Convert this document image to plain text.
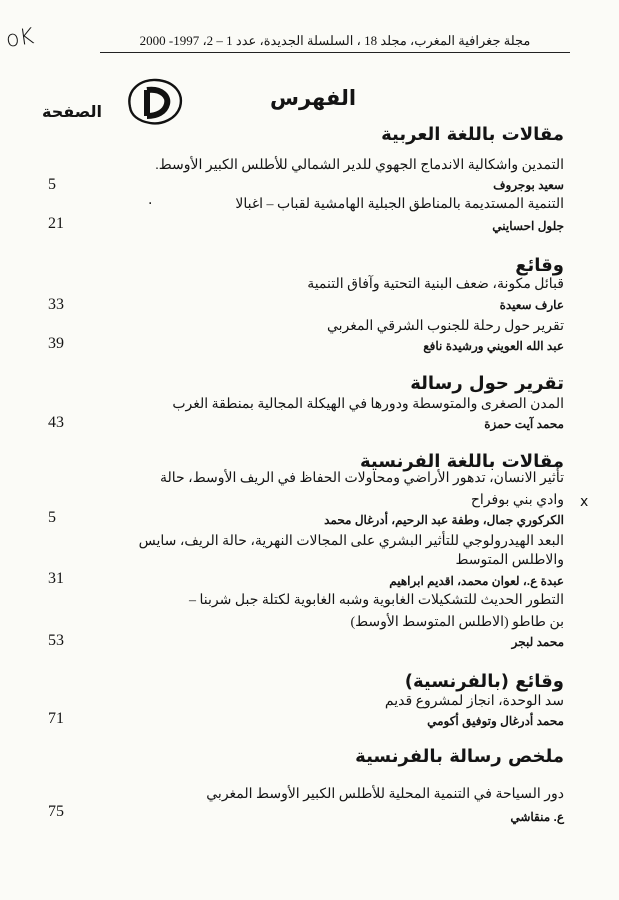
oK	مجلة جغرافية المغرب، مجلد 18 ، السلسلة الجديدة، عدد 1 – 2، 1997- 2000
الصفحة
الفهرس
مقالات باللغة العربية
التمدين واشكالية الاندماج الجهوي للدير الشمالي للأطلس الكبير الأوسط.
سعيد بوجروف
5
·	التنمية المستديمة بالمناطق الجبلية الهامشية لقباب – اغبالا
جلول احسايني
21
وقائع
قبائل مكونة، ضعف البنية التحتية وآفاق التنمية
عارف سعيدة
33
تقرير حول رحلة للجنوب الشرقي المغربي
عبد الله العويني ورشيدة نافع
39
تقرير حول رسالة
المدن الصغرى والمتوسطة ودورها في الهيكلة المجالية بمنطقة الغرب
محمد آيت حمزة
43
مقالات باللغة الفرنسية
تأثير الانسان، تدهور الأراضي ومحاولات الحفاظ في الريف الأوسط، حالة
وادي بني بوفراح x
الكركوري جمال، وطفة عبد الرحيم، أدرغال محمد
5
البعد الهيدرولوجي للتأثير البشري على المجالات النهرية، حالة الريف، سايس
والاطلس المتوسط
عبدة ع.، لعوان محمد، اقديم ابراهيم
31
التطور الحديث للتشكيلات الغابوية وشبه الغابوية لكتلة جبل شربنا –
بن طاطو (الاطلس المتوسط الأوسط)
محمد لبجر
53
وقائع (بالفرنسية)
سد الوحدة، انجاز لمشروع قديم
محمد أدرغال وتوفيق أكومي
71
ملخص رسالة بالفرنسية
دور السياحة في التنمية المحلية للأطلس الكبير الأوسط المغربي
ع. منقاشي
75
